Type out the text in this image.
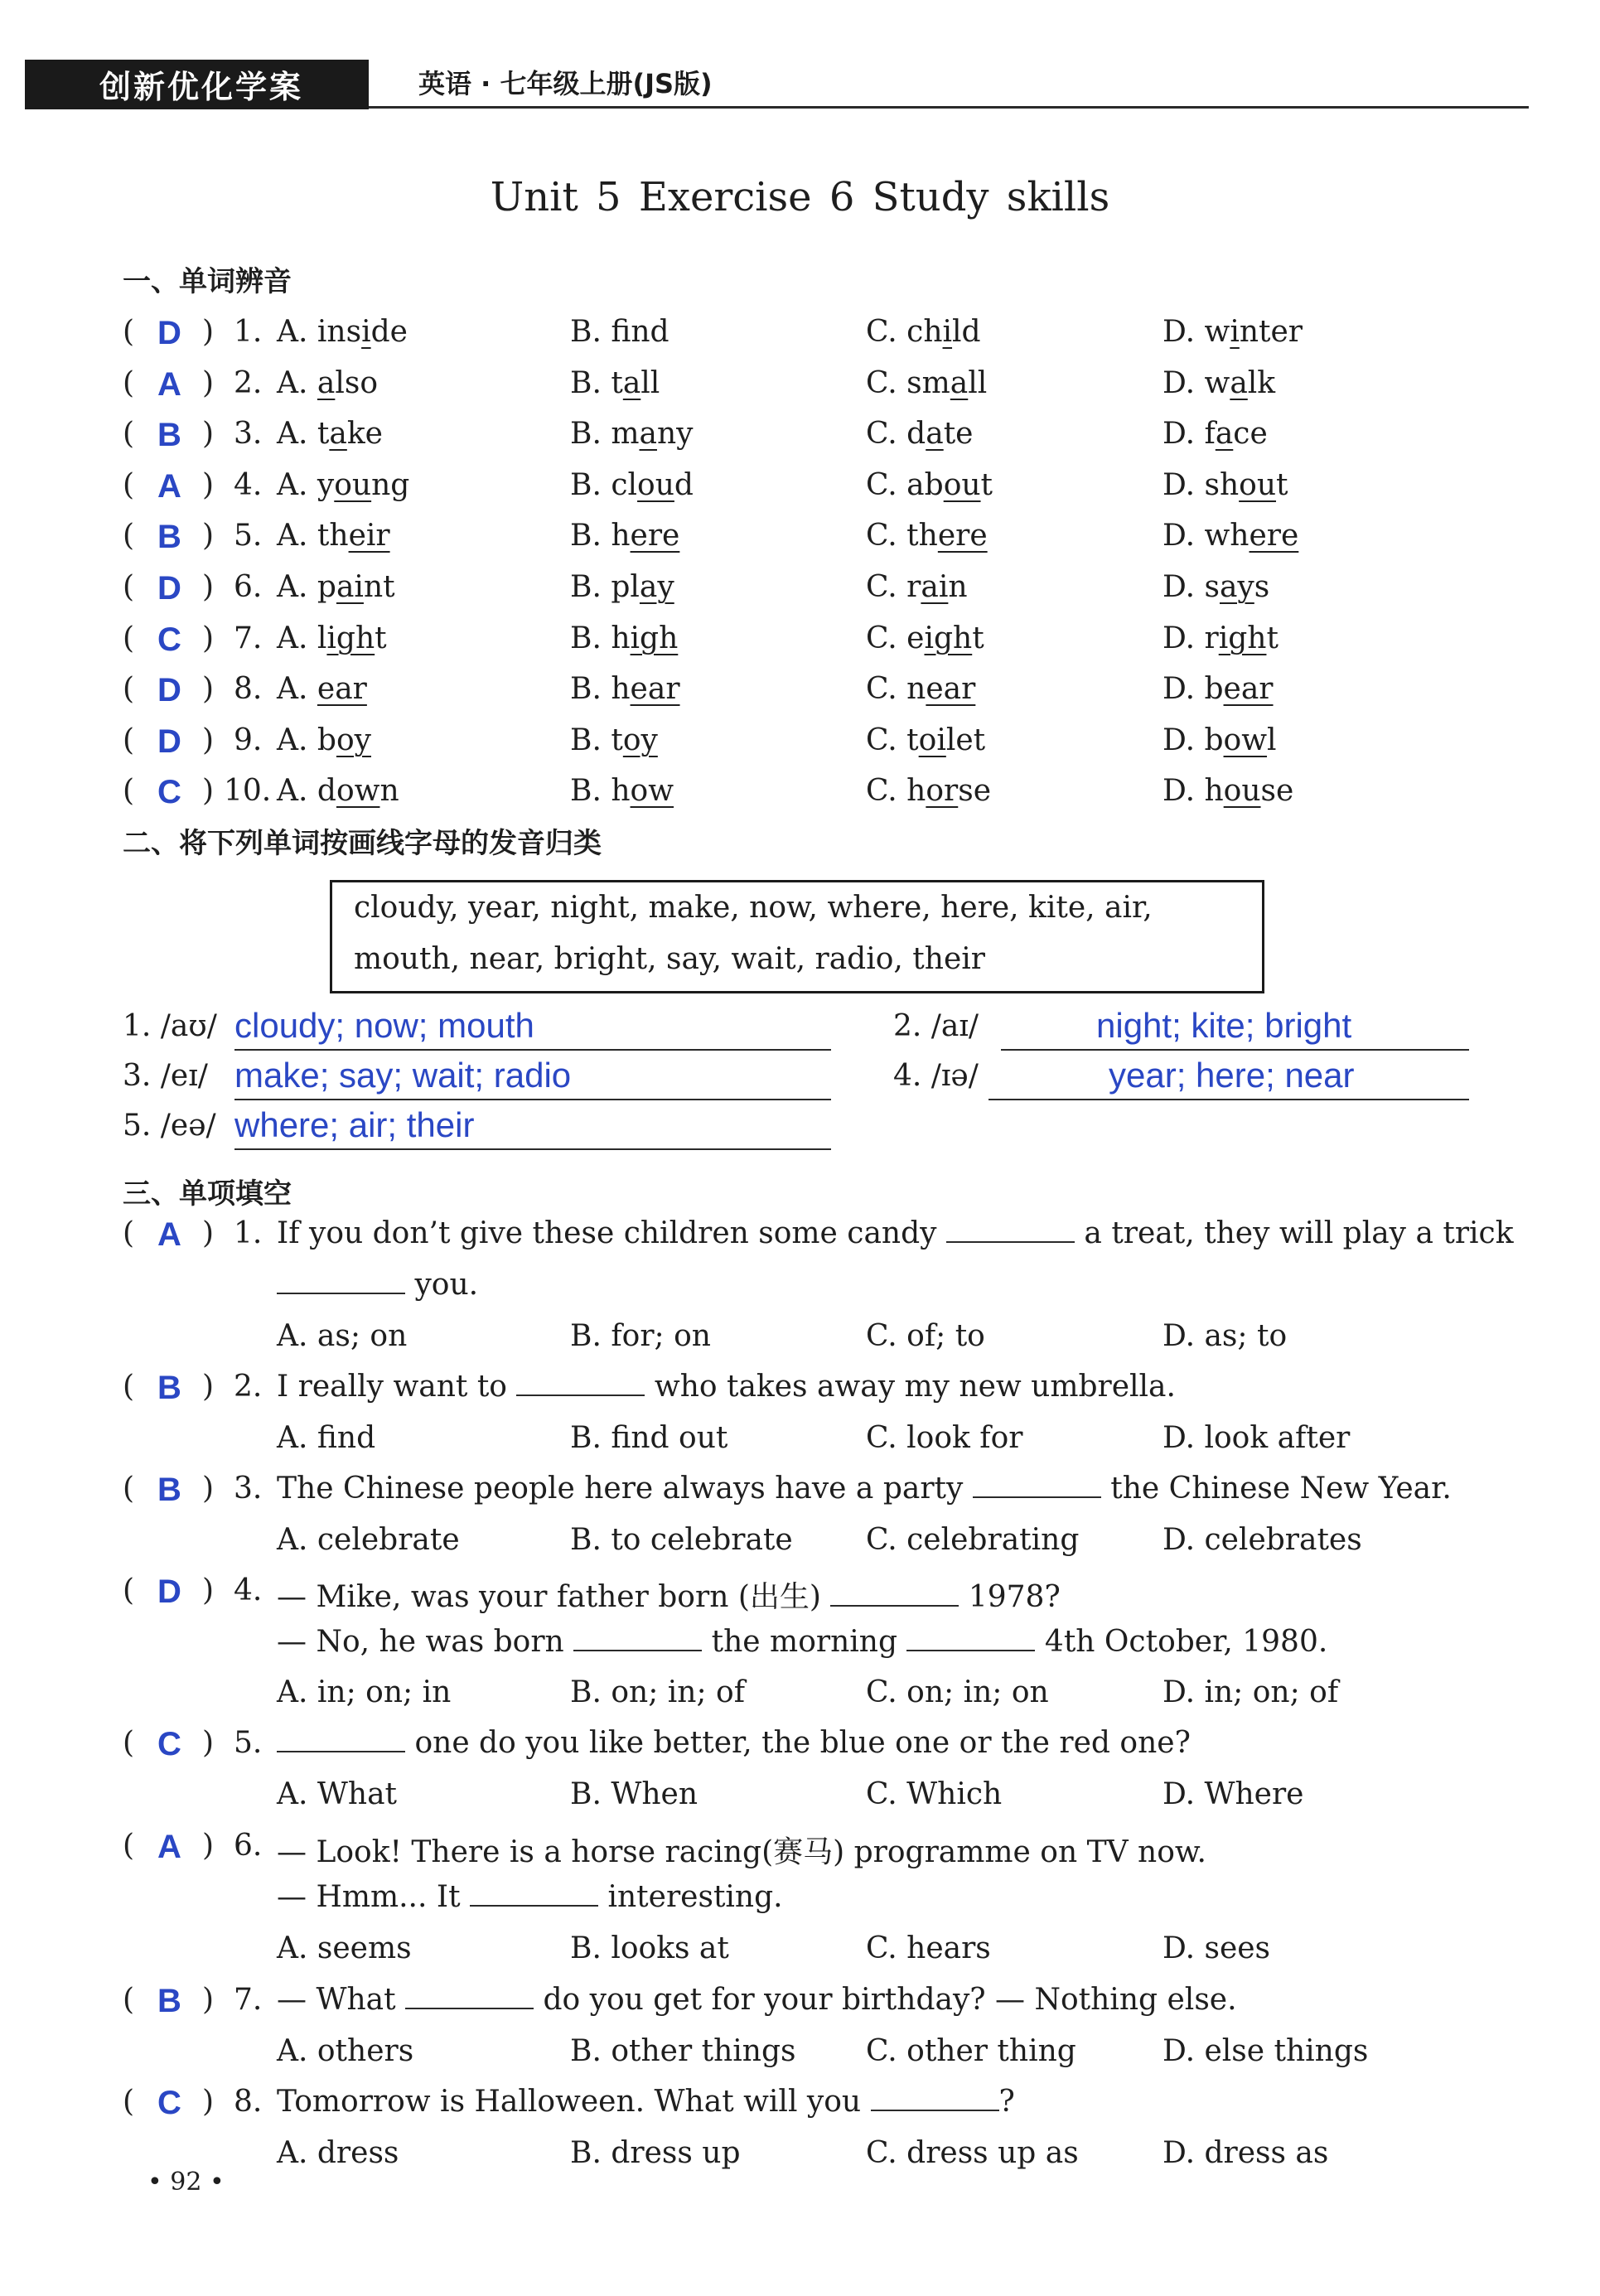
创新优化学案	英语 · 七年级上册(JS版)
Unit 5 Exercise 6 Study skills
一、单词辨音
( D ) 1. A. inside	B. fnd	C. child	D. winter
( A ) 2. A. also	B. tall	C. small	D. walk
( B ) 3. A. take	B. many	C. date	D. face
( A ) 4. A. young	B. cloud	C. about	D. shout
( B ) 5. A. their	B. here	C. there	D. where
( D ) 6. A. paint	B. play	C. rain	D. says
( C ) 7. A. light	B. high	C. eight	D. right
( D ) 8. A. ear	B. hear	C. near	D. bear
( D ) 9. A. boy	B. toy	C. toilet	D. bowl
( C ) 10. A. down	B. how	C. horse	D. house
二、将下列单词按画线字母的发音归类
cloudy, year, night, make, now, where, here, kite, air,
mouth, near, bright, say, wait, radio, their
1. /aʊ/ cloudy; now; mouth	2. /aɪ/	night; kite; bright
3. /eɪ/ make; say; wait; radio	4. /ɪə/	year; here; near
5. /eə/ where; air; their
三、单项填空
( A ) 1. If you don’t give these children some candy	a treat, they will play a trick
you.
A. as; on	B. for; on	C. of; to	D. as; to
( B ) 2. I really want to	who takes away my new umbrella.
A. find	B. find out	C. look for	D. look after
( B ) 3. The Chinese people here always have a party	the Chinese New Year.
A. celebrate	B. to celebrate C. celebrating	D. celebrates
( D ) 4. — Mike, was your father born (出生)	1978?
— No, he was born	the morning	4th October, 1980.
A. in; on; in	B. on; in; of	C. on; in; on	D. in; on; of
( C ) 5.	one do you like better, the blue one or the red one?
A. What	B. When	C. Which	D. Where
( A ) 6. — Look! There is a horse racing(赛马) programme on TV now.
— Hmm... It	interesting.
A. seems	B. looks at	C. hears	D. sees
( B ) 7. — What	do you get for your birthday? — Nothing else.
A. others	B. other things C. other thing	D. else things
( C ) 8. Tomorrow is Halloween. What will you	?
A. dress	B. dress up	C. dress up as	D. dress as
• 92 •
